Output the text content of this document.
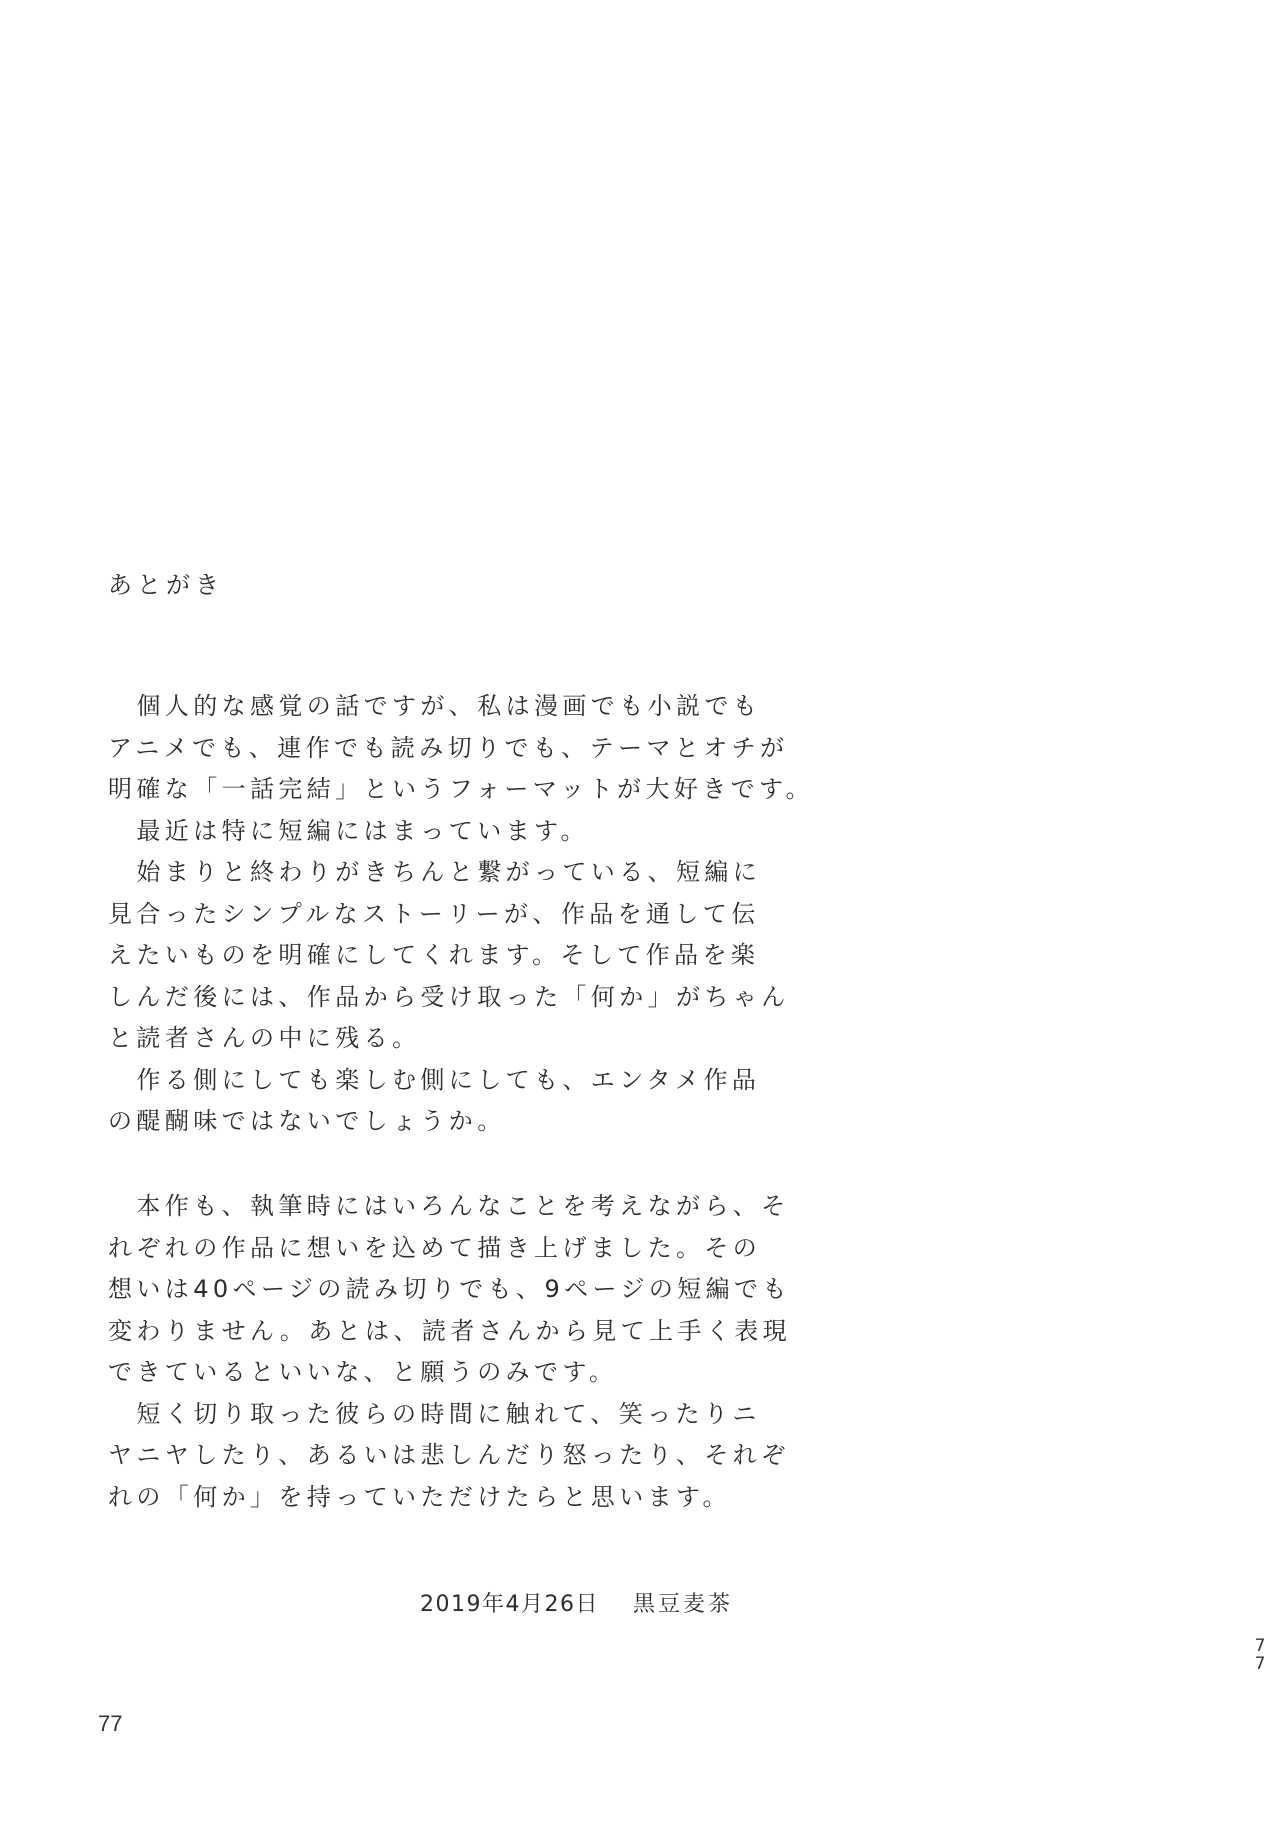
あとがき
　個人的な感覚の話ですが、私は漫画でも小説でも
アニメでも、連作でも読み切りでも、テーマとオチが
明確な「一話完結」というフォーマットが大好きです。
　最近は特に短編にはまっています。
　始まりと終わりがきちんと繋がっている、短編に
見合ったシンプルなストーリーが、作品を通して伝
えたいものを明確にしてくれます。そして作品を楽
しんだ後には、作品から受け取った「何か」がちゃん
と読者さんの中に残る。
　作る側にしても楽しむ側にしても、エンタメ作品
の醍醐味ではないでしょうか。
　本作も、執筆時にはいろんなことを考えながら、そ
れぞれの作品に想いを込めて描き上げました。その
想いは40ページの読み切りでも、9ページの短編でも
変わりません。あとは、読者さんから見て上手く表現
できているといいな、と願うのみです。
　短く切り取った彼らの時間に触れて、笑ったりニ
ヤニヤしたり、あるいは悲しんだり怒ったり、それぞ
れの「何か」を持っていただけたらと思います。
2019年4月26日 黒豆麦茶
7
7
77
